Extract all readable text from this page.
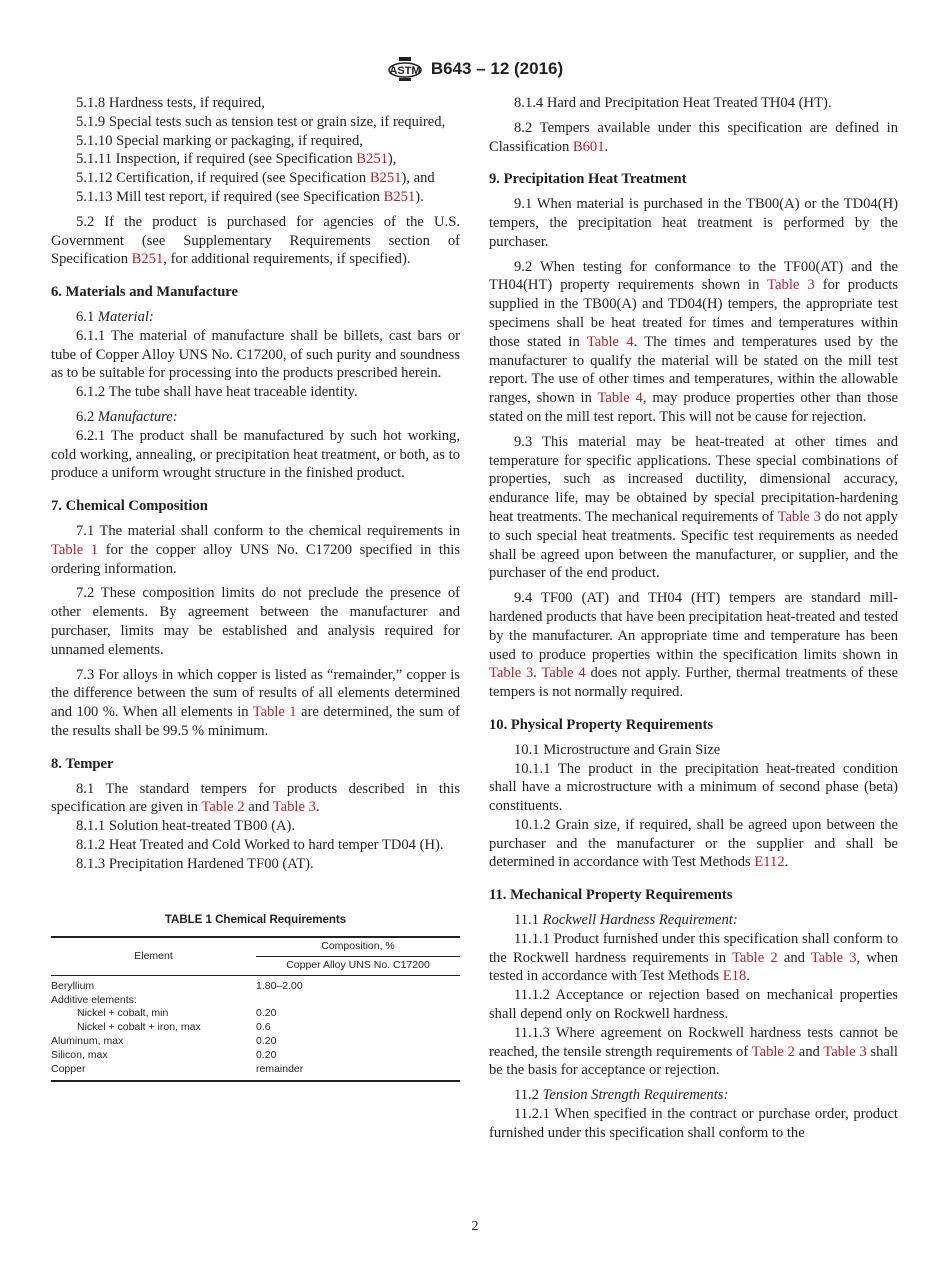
ASTM B643 – 12 (2016)

5.1.8 Hardness tests, if required,

5.1.9 Special tests such as tension test or grain size, if required,

5.1.10 Special marking or packaging, if required,

5.1.11 Inspection, if required (see Specification B251),

5.1.12 Certification, if required (see Specification B251), and

5.1.13 Mill test report, if required (see Specification B251).

5.2 If the product is purchased for agencies of the U.S. Government (see Supplementary Requirements section of Specification B251, for additional requirements, if specified).

6. Materials and Manufacture

6.1 Material:

6.1.1 The material of manufacture shall be billets, cast bars or tube of Copper Alloy UNS No. C17200, of such purity and soundness as to be suitable for processing into the products prescribed herein.

6.1.2 The tube shall have heat traceable identity.

6.2 Manufacture:

6.2.1 The product shall be manufactured by such hot working, cold working, annealing, or precipitation heat treatment, or both, as to produce a uniform wrought structure in the finished product.

7. Chemical Composition

7.1 The material shall conform to the chemical requirements in Table 1 for the copper alloy UNS No. C17200 specified in this ordering information.

7.2 These composition limits do not preclude the presence of other elements. By agreement between the manufacturer and purchaser, limits may be established and analysis required for unnamed elements.

7.3 For alloys in which copper is listed as “remainder,” copper is the difference between the sum of results of all elements determined and 100 %. When all elements in Table 1 are determined, the sum of the results shall be 99.5 % minimum.

8. Temper

8.1 The standard tempers for products described in this specification are given in Table 2 and Table 3.

8.1.1 Solution heat-treated TB00 (A).

8.1.2 Heat Treated and Cold Worked to hard temper TD04 (H).

8.1.3 Precipitation Hardened TF00 (AT).

TABLE 1 Chemical Requirements
Element	Composition, %
	Copper Alloy UNS No. C17200
Beryllium	1.80–2.00
Additive elements:	
Nickel + cobalt, min	0.20
Nickel + cobalt + iron, max	0.6
Aluminum, max	0.20
Silicon, max	0.20
Copper	remainder

8.1.4 Hard and Precipitation Heat Treated TH04 (HT).

8.2 Tempers available under this specification are defined in Classification B601.

9. Precipitation Heat Treatment

9.1 When material is purchased in the TB00(A) or the TD04(H) tempers, the precipitation heat treatment is performed by the purchaser.

9.2 When testing for conformance to the TF00(AT) and the TH04(HT) property requirements shown in Table 3 for products supplied in the TB00(A) and TD04(H) tempers, the appropriate test specimens shall be heat treated for times and temperatures within those stated in Table 4. The times and temperatures used by the manufacturer to qualify the material will be stated on the mill test report. The use of other times and temperatures, within the allowable ranges, shown in Table 4, may produce properties other than those stated on the mill test report. This will not be cause for rejection.

9.3 This material may be heat-treated at other times and temperature for specific applications. These special combinations of properties, such as increased ductility, dimensional accuracy, endurance life, may be obtained by special precipitation-hardening heat treatments. The mechanical requirements of Table 3 do not apply to such special heat treatments. Specific test requirements as needed shall be agreed upon between the manufacturer, or supplier, and the purchaser of the end product.

9.4 TF00 (AT) and TH04 (HT) tempers are standard mill-hardened products that have been precipitation heat-treated and tested by the manufacturer. An appropriate time and temperature has been used to produce properties within the specification limits shown in Table 3. Table 4 does not apply. Further, thermal treatments of these tempers is not normally required.

10. Physical Property Requirements

10.1 Microstructure and Grain Size

10.1.1 The product in the precipitation heat-treated condition shall have a microstructure with a minimum of second phase (beta) constituents.

10.1.2 Grain size, if required, shall be agreed upon between the purchaser and the manufacturer or the supplier and shall be determined in accordance with Test Methods E112.

11. Mechanical Property Requirements

11.1 Rockwell Hardness Requirement:

11.1.1 Product furnished under this specification shall conform to the Rockwell hardness requirements in Table 2 and Table 3, when tested in accordance with Test Methods E18.

11.1.2 Acceptance or rejection based on mechanical properties shall depend only on Rockwell hardness.

11.1.3 Where agreement on Rockwell hardness tests cannot be reached, the tensile strength requirements of Table 2 and Table 3 shall be the basis for acceptance or rejection.

11.2 Tension Strength Requirements:

11.2.1 When specified in the contract or purchase order, product furnished under this specification shall conform to the

2
